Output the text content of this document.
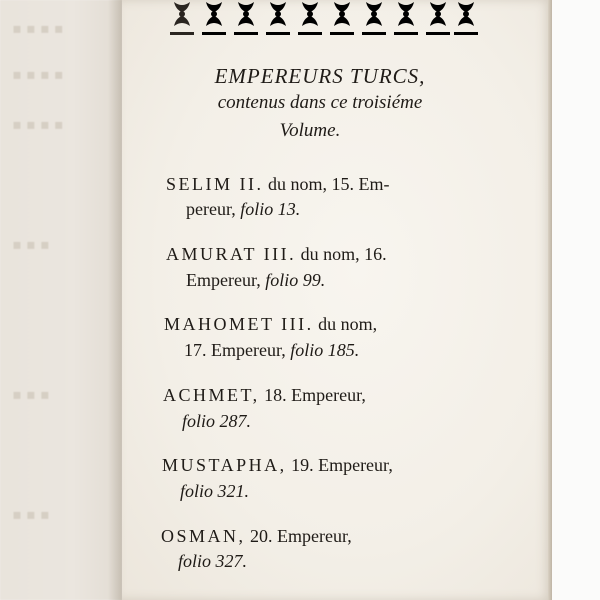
▪▪▪▪
▪▪▪▪
▪▪▪▪
▪▪▪
▪▪▪
▪▪▪
EMPEREURS TURCS,
contenus dans ce troisiéme
Volume.
SELIM II. du nom, 15. Em-
pereur, folio 13.
AMURAT III. du nom, 16.
Empereur, folio 99.
MAHOMET III. du nom,
17. Empereur, folio 185.
ACHMET, 18. Empereur,
folio 287.
MUSTAPHA, 19. Empereur,
folio 321.
OSMAN, 20. Empereur,
folio 327.
